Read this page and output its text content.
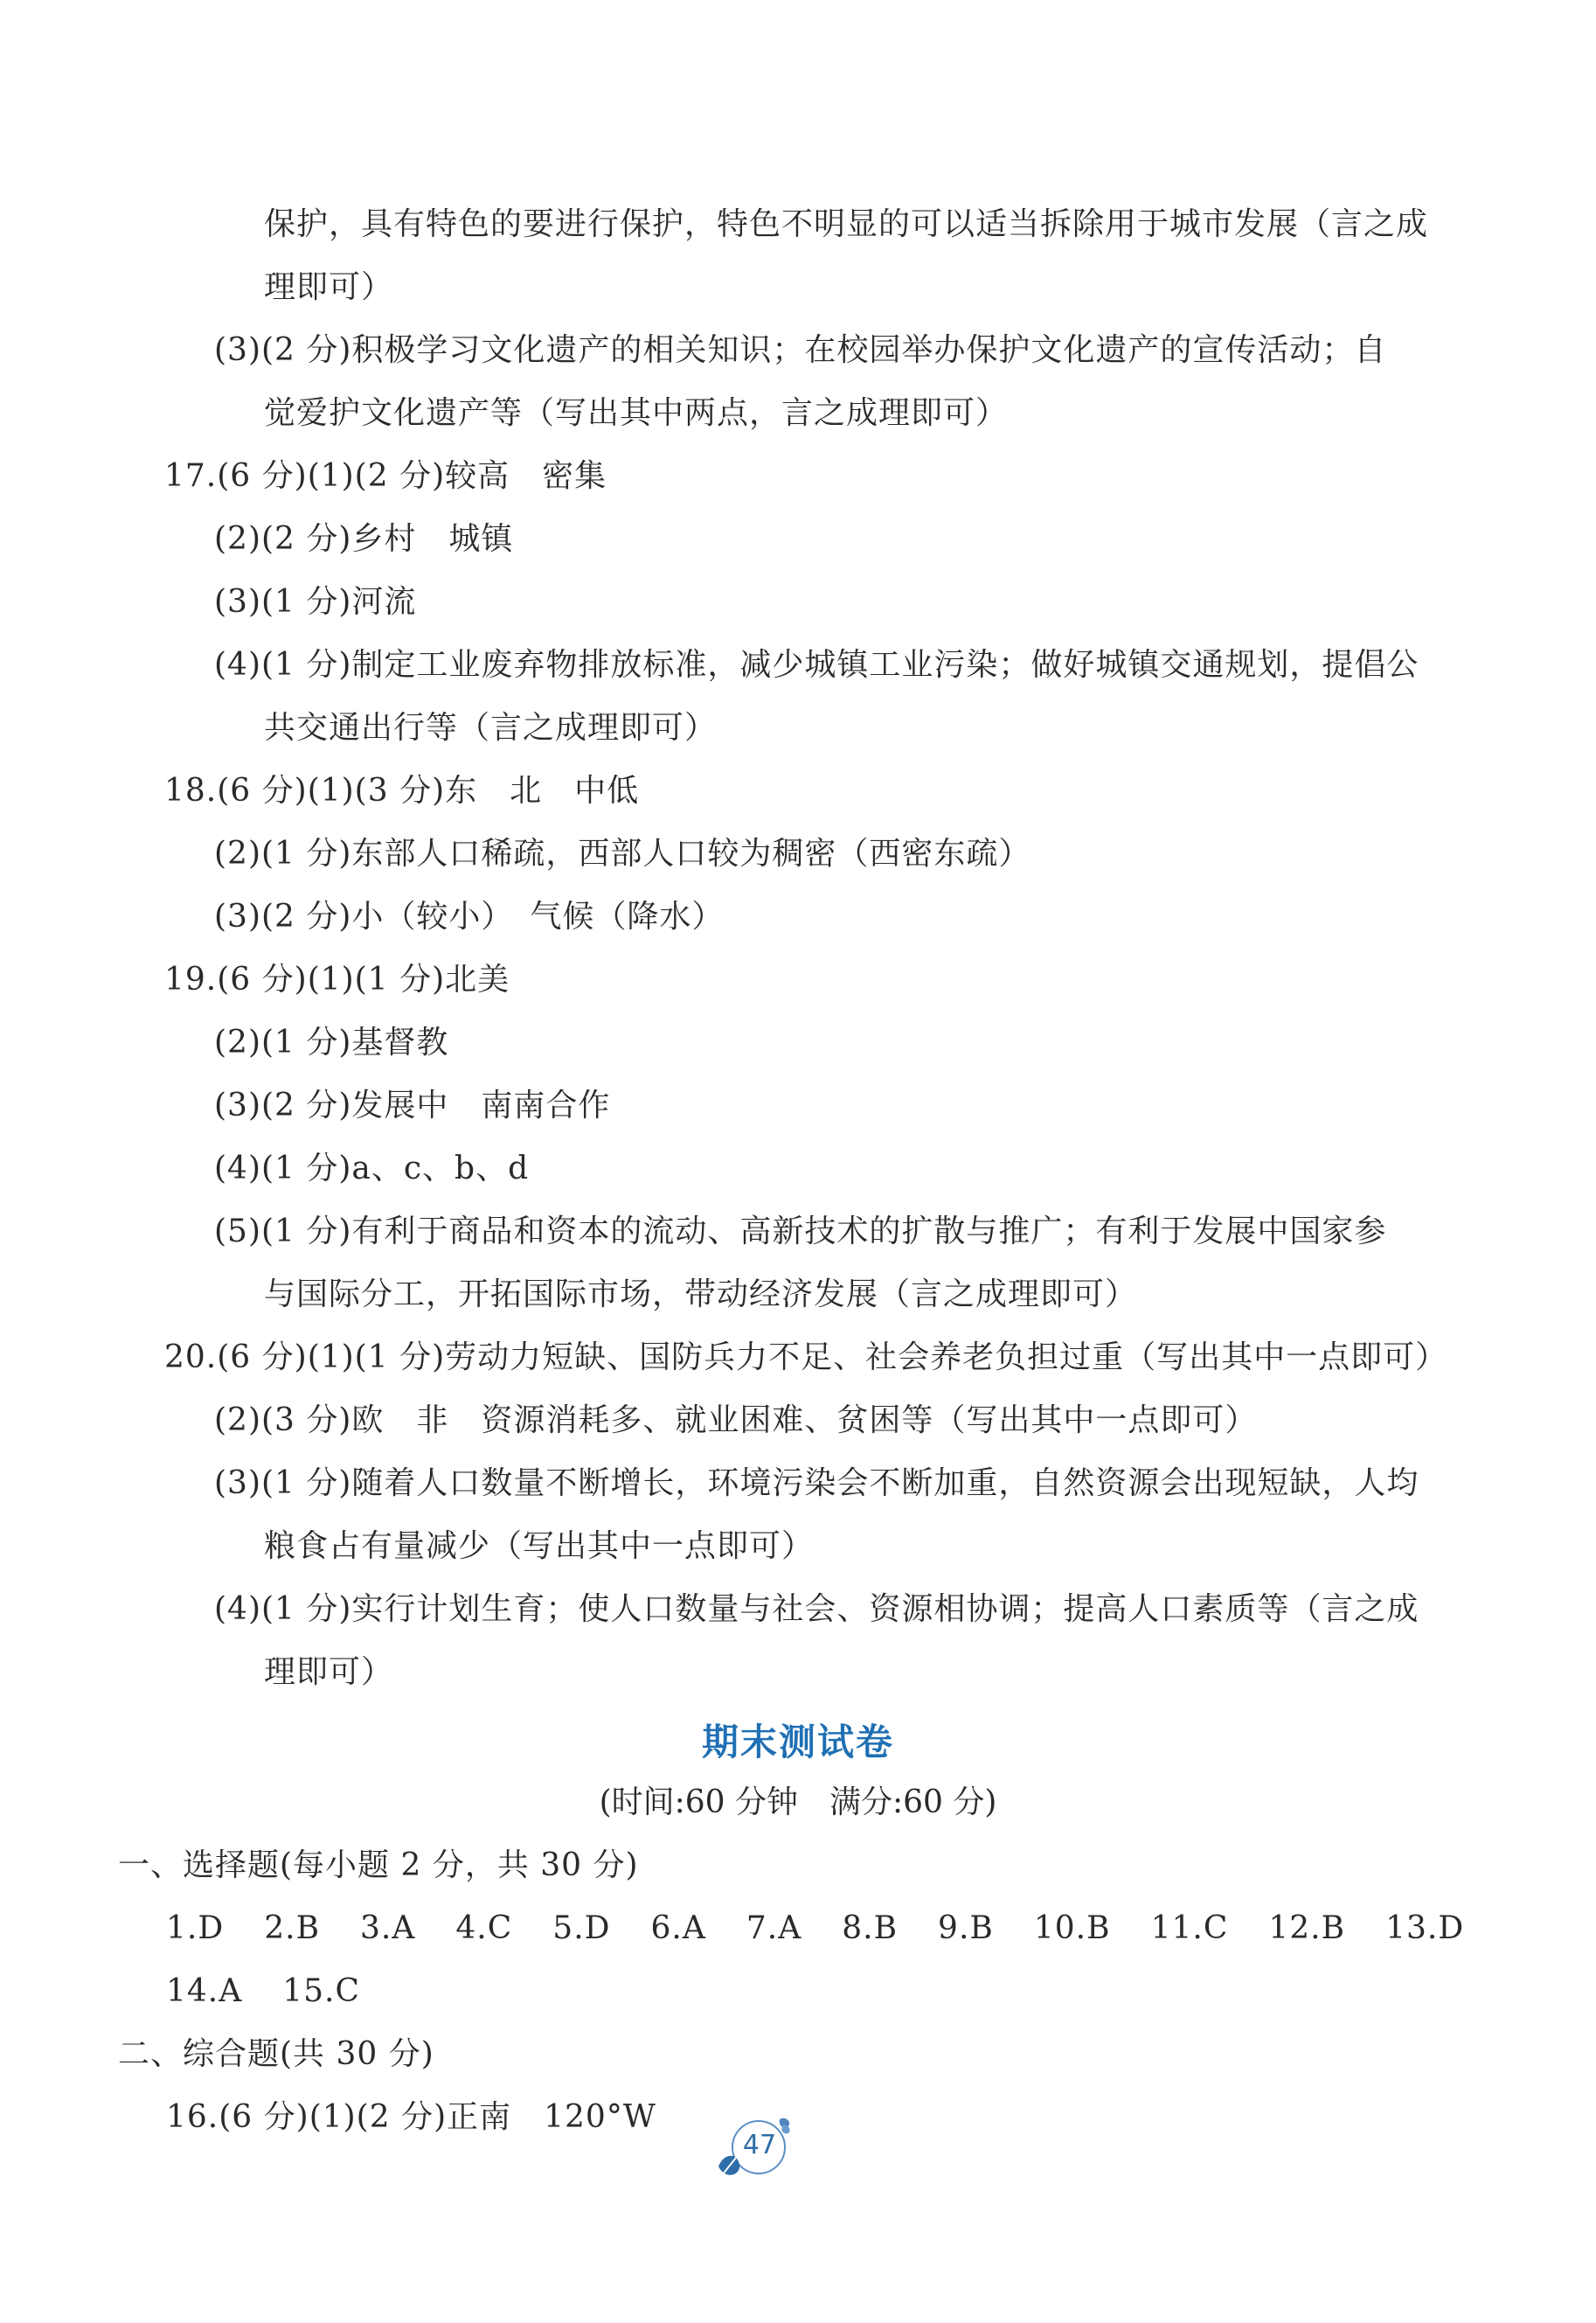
保护，具有特色的要进行保护，特色不明显的可以适当拆除用于城市发展（言之成
理即可）
(3)(2 分)积极学习文化遗产的相关知识；在校园举办保护文化遗产的宣传活动；自
觉爱护文化遗产等（写出其中两点，言之成理即可）
17.(6 分)(1)(2 分)较高　密集
(2)(2 分)乡村　城镇
(3)(1 分)河流
(4)(1 分)制定工业废弃物排放标准，减少城镇工业污染；做好城镇交通规划，提倡公
共交通出行等（言之成理即可）
18.(6 分)(1)(3 分)东　北　中低
(2)(1 分)东部人口稀疏，西部人口较为稠密（西密东疏）
(3)(2 分)小（较小）　气候（降水）
19.(6 分)(1)(1 分)北美
(2)(1 分)基督教
(3)(2 分)发展中　南南合作
(4)(1 分)a、c、b、d
(5)(1 分)有利于商品和资本的流动、高新技术的扩散与推广；有利于发展中国家参
与国际分工，开拓国际市场，带动经济发展（言之成理即可）
20.(6 分)(1)(1 分)劳动力短缺、国防兵力不足、社会养老负担过重（写出其中一点即可）
(2)(3 分)欧　非　资源消耗多、就业困难、贫困等（写出其中一点即可）
(3)(1 分)随着人口数量不断增长，环境污染会不断加重，自然资源会出现短缺，人均
粮食占有量减少（写出其中一点即可）
(4)(1 分)实行计划生育；使人口数量与社会、资源相协调；提高人口素质等（言之成
理即可）
期末测试卷
(时间:60 分钟　满分:60 分)
一、选择题(每小题 2 分，共 30 分)
1.D 2.B 3.A 4.C 5.D 6.A 7.A 8.B 9.B 10.B 11.C 12.B 13.D
14.A 15.C
二、综合题(共 30 分)
16.(6 分)(1)(2 分)正南　120°W
47
